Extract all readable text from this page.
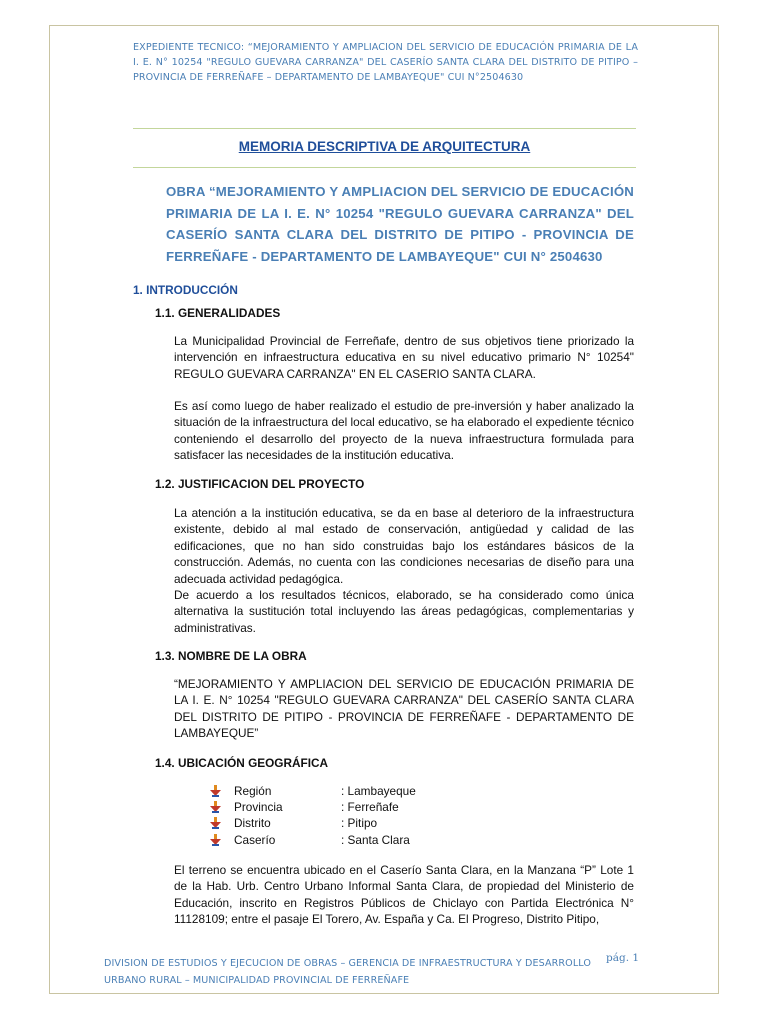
EXPEDIENTE TECNICO: “MEJORAMIENTO Y AMPLIACION DEL SERVICIO DE EDUCACIÓN PRIMARIA DE LA I. E. N° 10254 "REGULO GUEVARA CARRANZA" DEL CASERÍO SANTA CLARA DEL DISTRITO DE PITIPO – PROVINCIA DE FERREÑAFE – DEPARTAMENTO DE LAMBAYEQUE" CUI N°2504630
MEMORIA DESCRIPTIVA DE ARQUITECTURA
OBRA “MEJORAMIENTO Y AMPLIACION DEL SERVICIO DE EDUCACIÓN PRIMARIA DE LA I. E. N° 10254 "REGULO GUEVARA CARRANZA" DEL CASERÍO SANTA CLARA DEL DISTRITO DE PITIPO - PROVINCIA DE FERREÑAFE - DEPARTAMENTO DE LAMBAYEQUE" CUI N° 2504630
1. INTRODUCCIÓN
1.1. GENERALIDADES
La Municipalidad Provincial de Ferreñafe, dentro de sus objetivos tiene priorizado la intervención en infraestructura educativa en su nivel educativo primario N° 10254" REGULO GUEVARA CARRANZA" EN EL CASERIO SANTA CLARA.
Es así como luego de haber realizado el estudio de pre-inversión y haber analizado la situación de la infraestructura del local educativo, se ha elaborado el expediente técnico conteniendo el desarrollo del proyecto de la nueva infraestructura formulada para satisfacer las necesidades de la institución educativa.
1.2. JUSTIFICACION DEL PROYECTO
La atención a la institución educativa, se da en base al deterioro de la infraestructura existente, debido al mal estado de conservación, antigüedad y calidad de las edificaciones, que no han sido construidas bajo los estándares básicos de la construcción. Además, no cuenta con las condiciones necesarias de diseño para una adecuada actividad pedagógica.
De acuerdo a los resultados técnicos, elaborado, se ha considerado como única alternativa la sustitución total incluyendo las áreas pedagógicas, complementarias y administrativas.
1.3. NOMBRE DE LA OBRA
“MEJORAMIENTO Y AMPLIACION DEL SERVICIO DE EDUCACIÓN PRIMARIA DE LA I. E. N° 10254 "REGULO GUEVARA CARRANZA" DEL CASERÍO SANTA CLARA DEL DISTRITO DE PITIPO - PROVINCIA DE FERREÑAFE - DEPARTAMENTO DE LAMBAYEQUE”
1.4. UBICACIÓN GEOGRÁFICA
Región	: Lambayeque
Provincia	: Ferreñafe
Distrito	: Pitipo
Caserío	: Santa Clara
El terreno se encuentra ubicado en el Caserío Santa Clara, en la Manzana “P” Lote 1 de la Hab. Urb. Centro Urbano Informal Santa Clara, de propiedad del Ministerio de Educación, inscrito en Registros Públicos de Chiclayo con Partida Electrónica N° 11128109; entre el pasaje El Torero, Av. España y Ca. El Progreso, Distrito Pitipo,
DIVISION DE ESTUDIOS Y EJECUCION DE OBRAS – GERENCIA DE INFRAESTRUCTURA Y DESARROLLO
URBANO RURAL – MUNICIPALIDAD PROVINCIAL DE FERREÑAFE
pág. 1
